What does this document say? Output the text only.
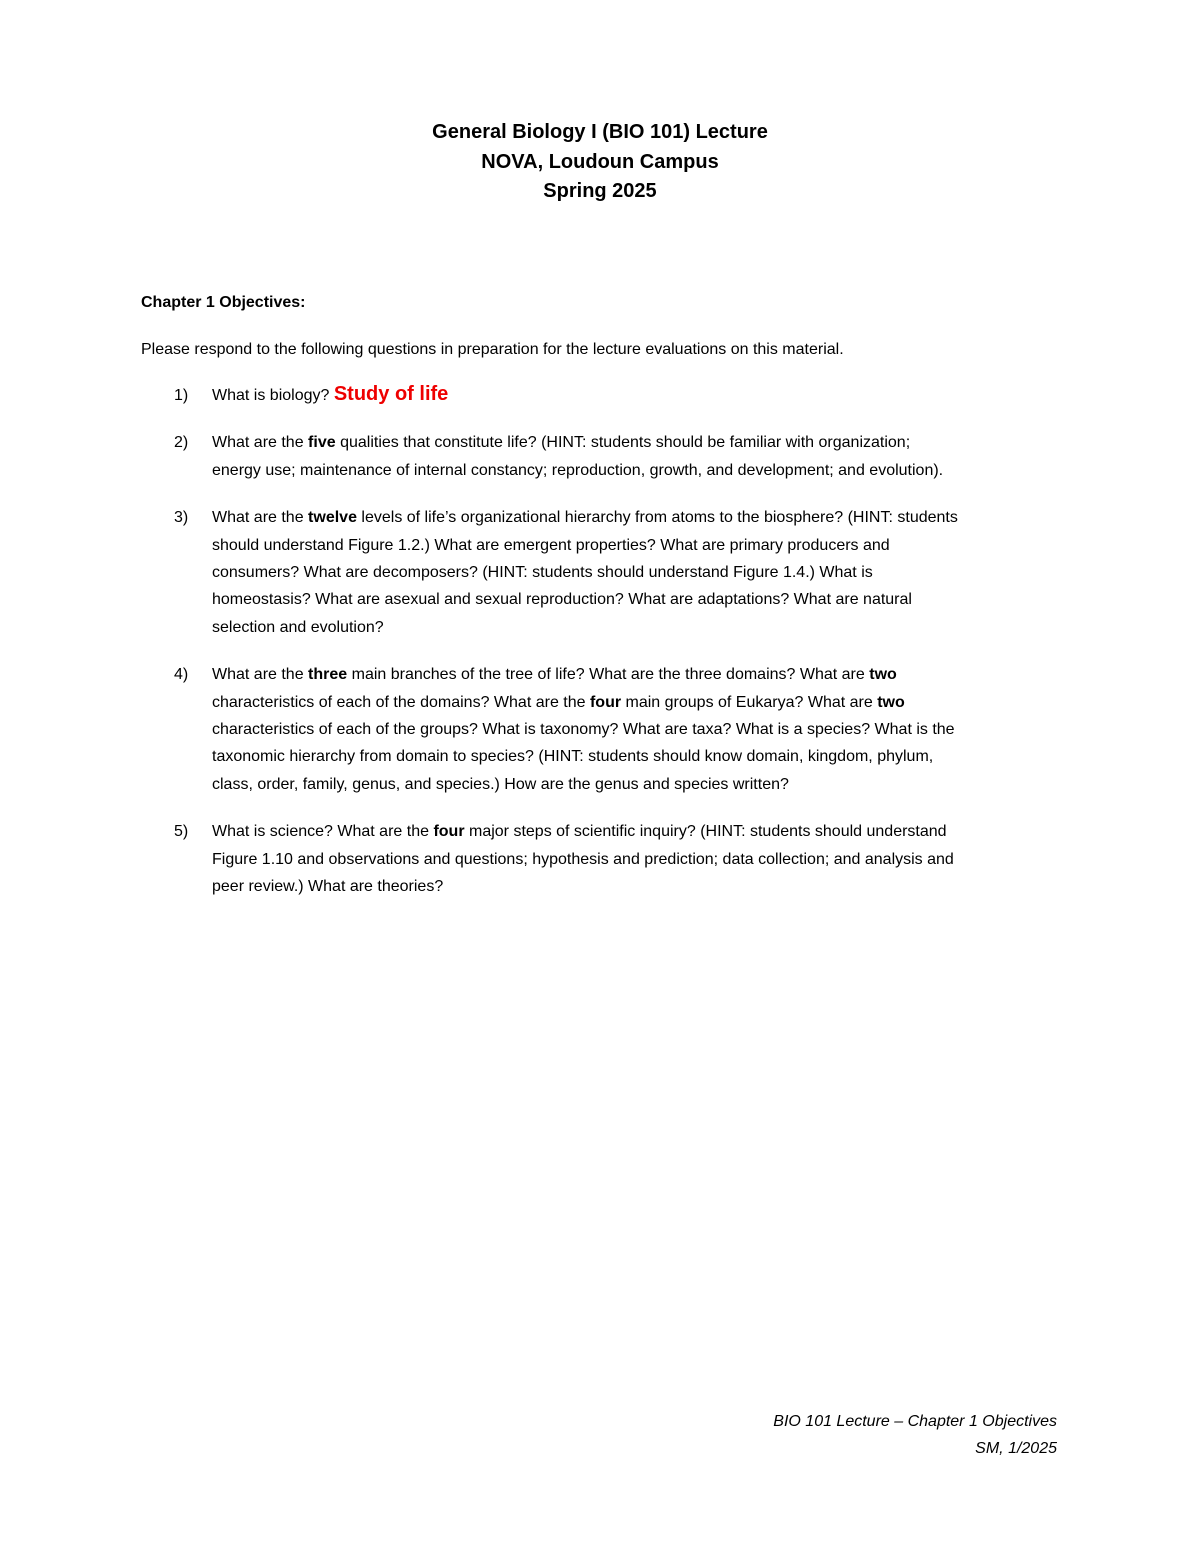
General Biology I (BIO 101) Lecture
NOVA, Loudoun Campus
Spring 2025
Chapter 1 Objectives:
Please respond to the following questions in preparation for the lecture evaluations on this material.
1) What is biology? Study of life
2) What are the five qualities that constitute life? (HINT: students should be familiar with organization;
energy use; maintenance of internal constancy; reproduction, growth, and development; and evolution).
3) What are the twelve levels of life’s organizational hierarchy from atoms to the biosphere? (HINT: students
should understand Figure 1.2.) What are emergent properties? What are primary producers and
consumers? What are decomposers? (HINT: students should understand Figure 1.4.) What is
homeostasis? What are asexual and sexual reproduction? What are adaptations? What are natural
selection and evolution?
4) What are the three main branches of the tree of life? What are the three domains? What are two
characteristics of each of the domains? What are the four main groups of Eukarya? What are two
characteristics of each of the groups? What is taxonomy? What are taxa? What is a species? What is the
taxonomic hierarchy from domain to species? (HINT: students should know domain, kingdom, phylum,
class, order, family, genus, and species.) How are the genus and species written?
5) What is science? What are the four major steps of scientific inquiry? (HINT: students should understand
Figure 1.10 and observations and questions; hypothesis and prediction; data collection; and analysis and
peer review.) What are theories?
BIO 101 Lecture – Chapter 1 Objectives
SM, 1/2025
